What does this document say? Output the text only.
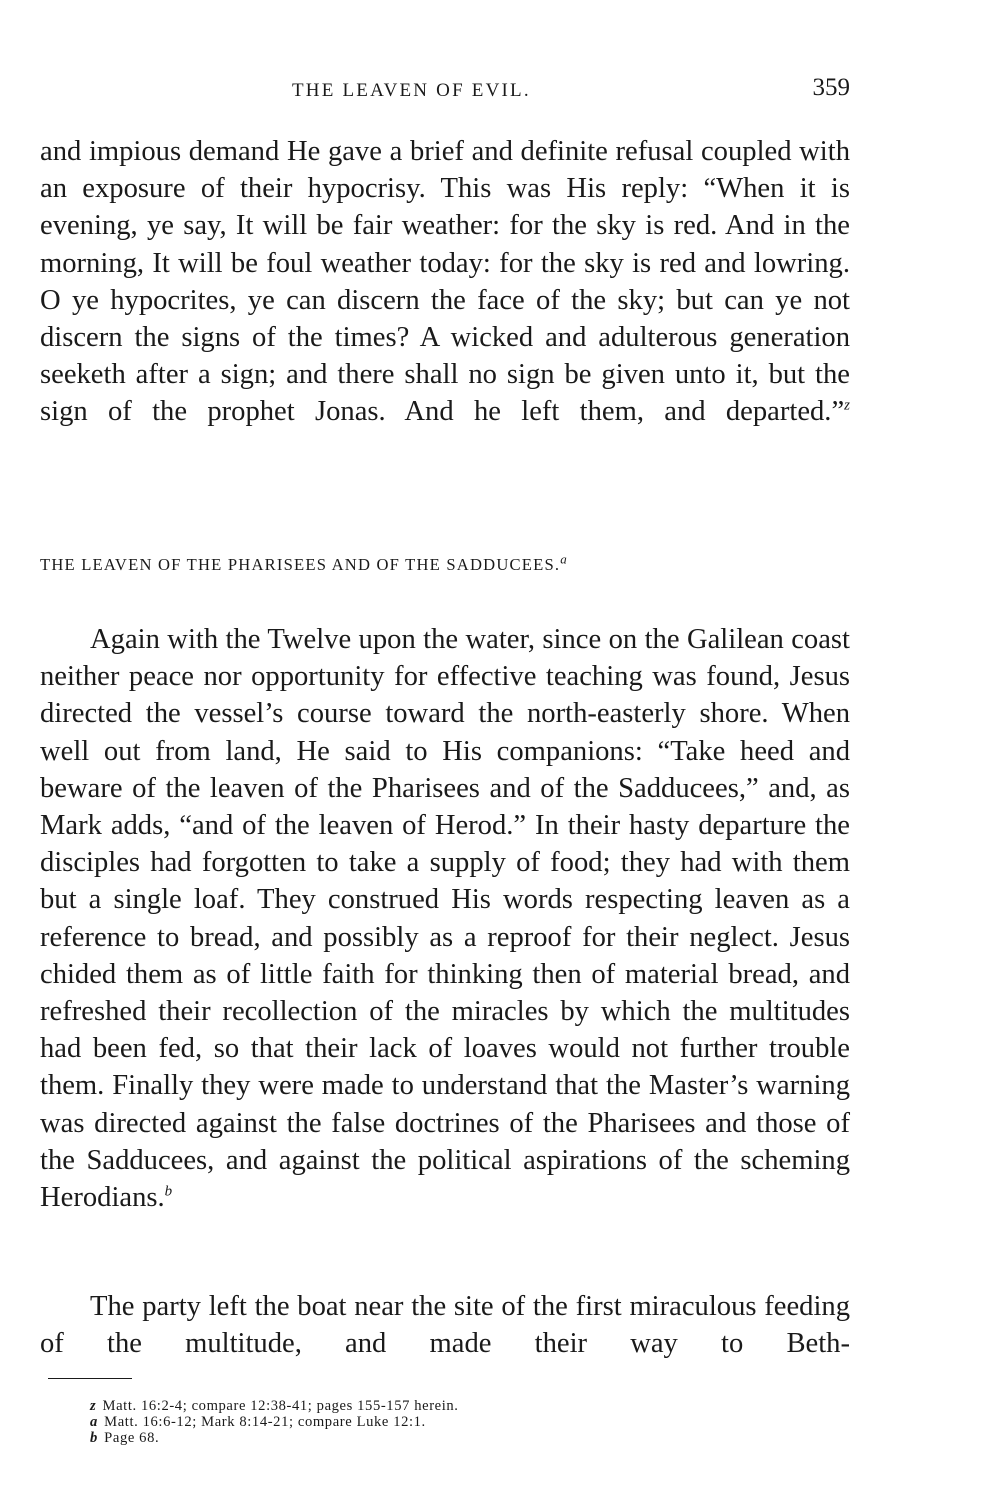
THE LEAVEN OF EVIL.	359

and impious demand He gave a brief and definite refusal coupled with an exposure of their hypocrisy. This was His reply: “When it is evening, ye say, It will be fair weather: for the sky is red. And in the morning, It will be foul weather today: for the sky is red and lowring. O ye hypocrites, ye can discern the face of the sky; but can ye not discern the signs of the times? A wicked and adulterous generation seeketh after a sign; and there shall no sign be given unto it, but the sign of the prophet Jonas. And he left them, and departed.”$^z$

THE LEAVEN OF THE PHARISEES AND OF THE SADDUCEES.$^a$

Again with the Twelve upon the water, since on the Galilean coast neither peace nor opportunity for effective teaching was found, Jesus directed the vessel’s course toward the north-easterly shore. When well out from land, He said to His companions: “Take heed and beware of the leaven of the Pharisees and of the Sadducees,” and, as Mark adds, “and of the leaven of Herod.” In their hasty departure the disciples had forgotten to take a supply of food; they had with them but a single loaf. They construed His words respecting leaven as a reference to bread, and possibly as a reproof for their neglect. Jesus chided them as of little faith for thinking then of material bread, and refreshed their recollection of the miracles by which the multitudes had been fed, so that their lack of loaves would not further trouble them. Finally they were made to understand that the Master’s warning was directed against the false doctrines of the Pharisees and those of the Sadducees, and against the political aspirations of the scheming Herodians.$^b$

The party left the boat near the site of the first miraculous feeding of the multitude, and made their way to Beth-

z Matt. 16:2-4; compare 12:38-41; pages 155-157 herein.
a Matt. 16:6-12; Mark 8:14-21; compare Luke 12:1.
b Page 68.
